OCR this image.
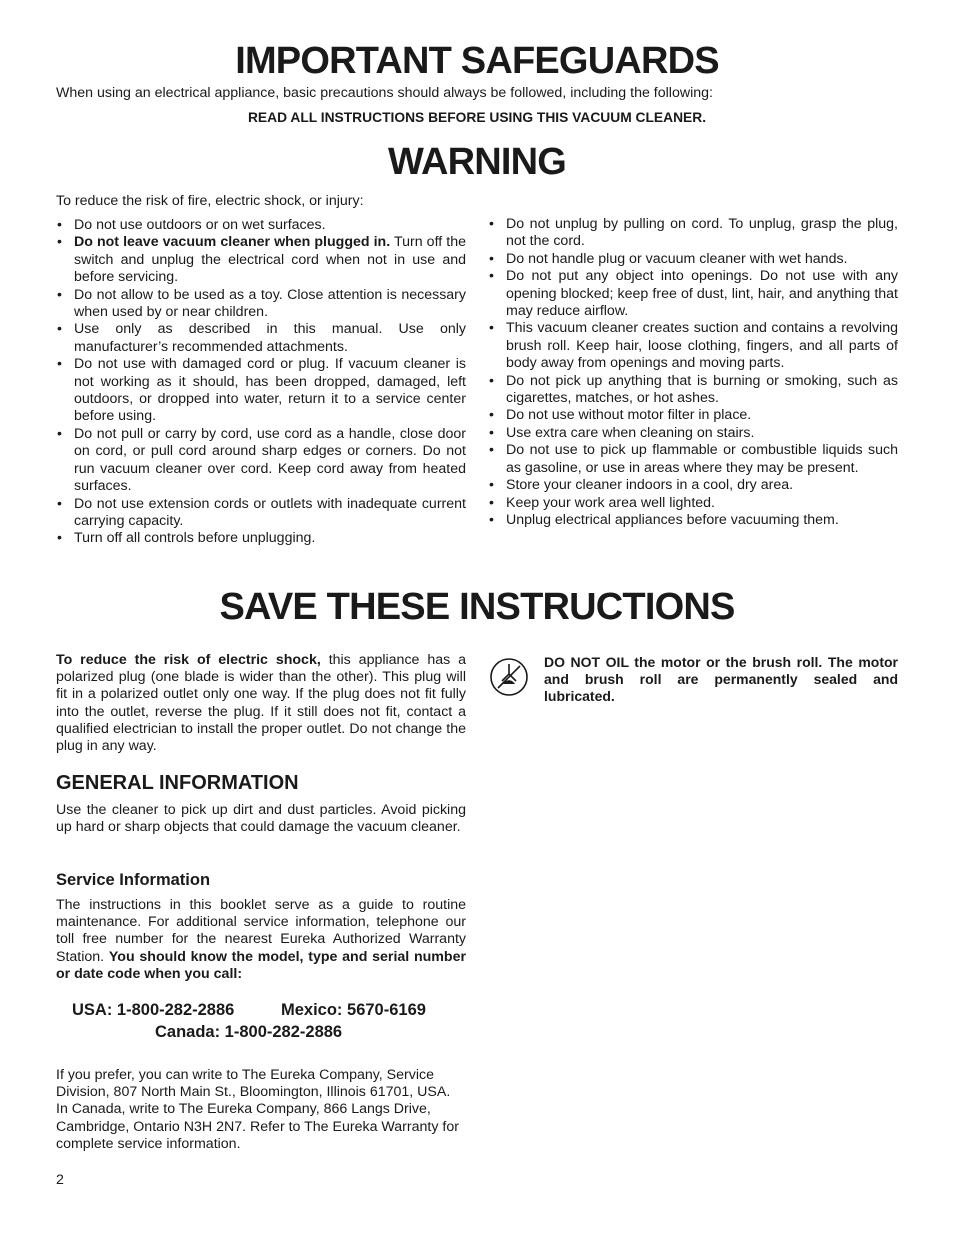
IMPORTANT SAFEGUARDS
When using an electrical appliance, basic precautions should always be followed, including the following:
READ ALL INSTRUCTIONS BEFORE USING THIS VACUUM CLEANER.
WARNING
To reduce the risk of fire, electric shock, or injury:
• Do not use outdoors or on wet surfaces.
• Do not leave vacuum cleaner when plugged in. Turn off the switch and unplug the electrical cord when not in use and before servicing.
• Do not allow to be used as a toy. Close attention is necessary when used by or near children.
• Use only as described in this manual. Use only manufacturer’s recommended attachments.
• Do not use with damaged cord or plug. If vacuum cleaner is not working as it should, has been dropped, damaged, left outdoors, or dropped into water, return it to a service center before using.
• Do not pull or carry by cord, use cord as a handle, close door on cord, or pull cord around sharp edges or corners. Do not run vacuum cleaner over cord. Keep cord away from heated surfaces.
• Do not use extension cords or outlets with inadequate current carrying capacity.
• Turn off all controls before unplugging.
• Do not unplug by pulling on cord. To unplug, grasp the plug, not the cord.
• Do not handle plug or vacuum cleaner with wet hands.
• Do not put any object into openings. Do not use with any opening blocked; keep free of dust, lint, hair, and anything that may reduce airflow.
• This vacuum cleaner creates suction and contains a revolving brush roll. Keep hair, loose clothing, fingers, and all parts of body away from openings and moving parts.
• Do not pick up anything that is burning or smoking, such as cigarettes, matches, or hot ashes.
• Do not use without motor filter in place.
• Use extra care when cleaning on stairs.
• Do not use to pick up flammable or combustible liquids such as gasoline, or use in areas where they may be present.
• Store your cleaner indoors in a cool, dry area.
• Keep your work area well lighted.
• Unplug electrical appliances before vacuuming them.
SAVE THESE INSTRUCTIONS
To reduce the risk of electric shock, this appliance has a polarized plug (one blade is wider than the other). This plug will fit in a polarized outlet only one way. If the plug does not fit fully into the outlet, reverse the plug. If it still does not fit, contact a qualified electrician to install the proper outlet. Do not change the plug in any way.
DO NOT OIL the motor or the brush roll. The motor and brush roll are permanently sealed and lubricated.
GENERAL INFORMATION
Use the cleaner to pick up dirt and dust particles. Avoid picking up hard or sharp objects that could damage the vacuum cleaner.
Service Information
The instructions in this booklet serve as a guide to routine maintenance. For additional service information, telephone our toll free number for the nearest Eureka Authorized Warranty Station. You should know the model, type and serial number or date code when you call:
USA: 1-800-282-2886	Mexico: 5670-6169
Canada: 1-800-282-2886
If you prefer, you can write to The Eureka Company, Service Division, 807 North Main St., Bloomington, Illinois 61701, USA. In Canada, write to The Eureka Company, 866 Langs Drive, Cambridge, Ontario N3H 2N7. Refer to The Eureka Warranty for complete service information.
2
